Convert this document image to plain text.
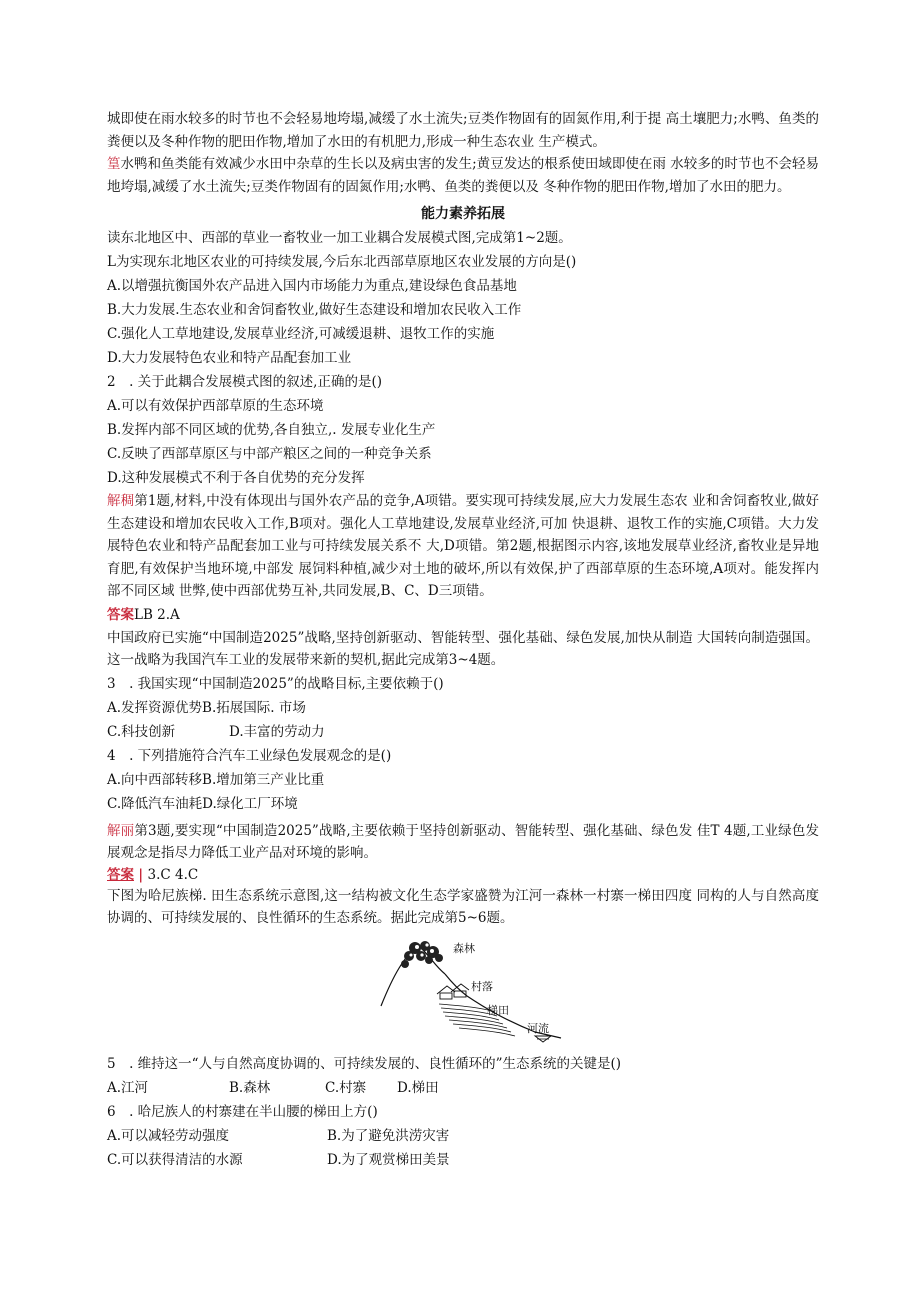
城即使在雨水较多的时节也不会轻易地垮塌,减缓了水土流失;豆类作物固有的固氮作用,利于提 高土壤肥力;水鸭、鱼类的粪便以及冬种作物的肥田作物,增加了水田的有机肥力,形成一种生态农业 生产模式。

篁水鸭和鱼类能有效减少水田中杂草的生长以及病虫害的发生;黄豆发达的根系使田域即使在雨 水较多的时节也不会轻易地垮塌,减缓了水土流失;豆类作物固有的固氮作用;水鸭、鱼类的粪便以及 冬种作物的肥田作物,增加了水田的肥力。

能力素养拓展

读东北地区中、西部的草业一畜牧业一加工业耦合发展模式图,完成第1~2题。

L为实现东北地区农业的可持续发展,今后东北西部草原地区农业发展的方向是()

A.以增强抗衡国外农产品进入国内市场能力为重点,建设绿色食品基地

B.大力发展.生态农业和舍饲畜牧业,做好生态建设和增加农民收入工作

C.强化人工草地建设,发展草业经济,可减缓退耕、退牧工作的实施

D.大力发展特色农业和特产品配套加工业

2　. 关于此耦合发展模式图的叙述,正确的是()

A.可以有效保护西部草原的生态环境

B.发挥内部不同区域的优势,各自独立,. 发展专业化生产

C.反映了西部草原区与中部产粮区之间的一种竞争关系

D.这种发展模式不利于各自优势的充分发挥

解稠第1题,材料,中没有体现出与国外农产品的竞争,A项错。要实现可持续发展,应大力发展生态农 业和舍饲畜牧业,做好生态建设和增加农民收入工作,B项对。强化人工草地建设,发展草业经济,可加 快退耕、退牧工作的实施,C项错。大力发展特色农业和特产品配套加工业与可持续发展关系不 大,D项错。第2题,根据图示内容,该地发展草业经济,畜牧业是异地育肥,有效保护当地环境,中部发 展饲料种植,减少对土地的破坏,所以有效保,护了西部草原的生态环境,A项对。能发挥内部不同区域 世弊,使中西部优势互补,共同发展,B、C、D三项错。

答案LB 2.A

中国政府已实施“中国制造2025”战略,坚持创新驱动、智能转型、强化基础、绿色发展,加快从制造 大国转向制造强国。这一战略为我国汽车工业的发展带来新的契机,据此完成第3~4题。

3　. 我国实现“中国制造2025”的战略目标,主要依赖于()

A.发挥资源优势B.拓展国际. 市场

C.科技创新	D.丰富的劳动力

4　. 下列措施符合汽车工业绿色发展观念的是()

A.向中西部转移B.增加第三产业比重

C.降低汽车油耗D.绿化工厂环境

解丽第3题,要实现“中国制造2025”战略,主要依赖于坚持创新驱动、智能转型、强化基础、绿色发 佳T 4题,工业绿色发展观念是指尽力降低工业产品对环境的影响。

答案 | 3.C 4.C

下图为哈尼族梯. 田生态系统示意图,这一结构被文化生态学家盛赞为江河一森林一村寨一梯田四度 同构的人与自然高度协调的、可持续发展的、良性循环的生态系统。据此完成第5~6题。

森林
村落
梯田
河流

5　. 维持这一“人与自然高度协调的、可持续发展的、良性循环的”生态系统的关键是()

A.江河	B.森林	C.村寨	D.梯田

6　. 哈尼族人的村寨建在半山腰的梯田上方()

A.可以减轻劳动强度	B.为了避免洪涝灾害
C.可以获得清洁的水源	D.为了观赏梯田美景
